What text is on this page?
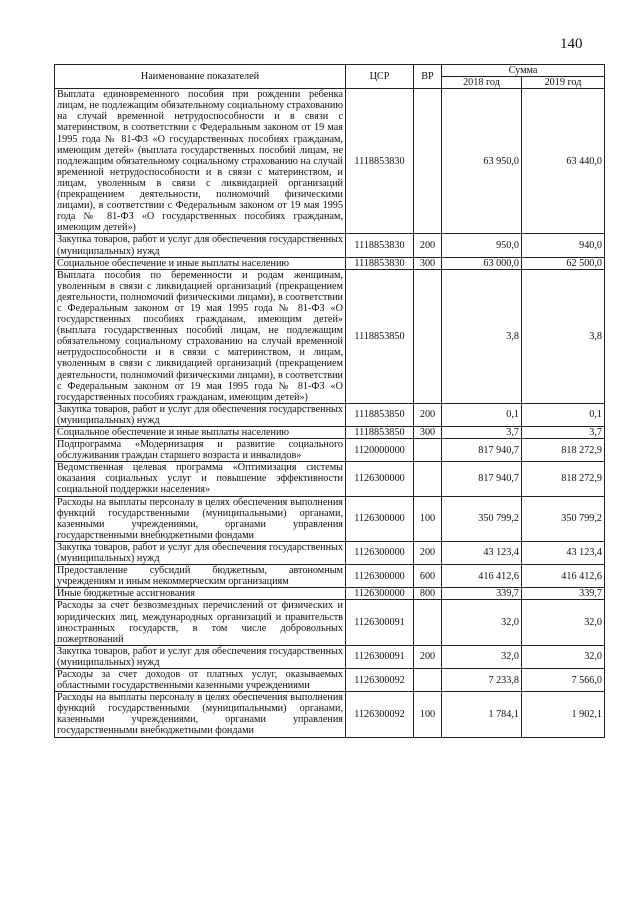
140
Наименование показателей	ЦСР	ВР	Сумма	
			2018 год	2019 год
Выплата единовременного пособия при рождении ребенка лицам, не подлежащим обязательному социальному страхованию на случай временной нетрудоспособности и в связи с материнством, в соответствии с Федеральным законом от 19 мая 1995 года № 81-ФЗ «О государственных пособиях гражданам, имеющим детей» (выплата государственных пособий лицам, не подлежащим обязательному социальному страхованию на случай временной нетрудоспособности и в связи с материнством, и лицам, уволенным в связи с ликвидацией организаций (прекращением деятельности, полномочий физическими лицами), в соответствии с Федеральным законом от 19 мая 1995 года № 81-ФЗ «О государственных пособиях гражданам, имеющим детей»)	1118853830		63 950,0	63 440,0
Закупка товаров, работ и услуг для обеспечения государственных (муниципальных) нужд	1118853830	200	950,0	940,0
Социальное обеспечение и иные выплаты населению	1118853830	300	63 000,0	62 500,0
Выплата пособия по беременности и родам женщинам, уволенным в связи с ликвидацией организаций (прекращением деятельности, полномочий физическими лицами), в соответствии с Федеральным законом от 19 мая 1995 года № 81-ФЗ «О государственных пособиях гражданам, имеющим детей» (выплата государственных пособий лицам, не подлежащим обязательному социальному страхованию на случай временной нетрудоспособности и в связи с материнством, и лицам, уволенным в связи с ликвидацией организаций (прекращением деятельности, полномочий физическими лицами), в соответствии с Федеральным законом от 19 мая 1995 года № 81-ФЗ «О государственных пособиях гражданам, имеющим детей»)	1118853850		3,8	3,8
Закупка товаров, работ и услуг для обеспечения государственных (муниципальных) нужд	1118853850	200	0,1	0,1
Социальное обеспечение и иные выплаты населению	1118853850	300	3,7	3,7
Подпрограмма «Модернизация и развитие социального обслуживания граждан старшего возраста и инвалидов»	1120000000		817 940,7	818 272,9
Ведомственная целевая программа «Оптимизация системы оказания социальных услуг и повышение эффективности социальной поддержки населения»	1126300000		817 940,7	818 272,9
Расходы на выплаты персоналу в целях обеспечения выполнения функций государственными (муниципальными) органами, казенными учреждениями, органами управления государственными внебюджетными фондами	1126300000	100	350 799,2	350 799,2
Закупка товаров, работ и услуг для обеспечения государственных (муниципальных) нужд	1126300000	200	43 123,4	43 123,4
Предоставление субсидий бюджетным, автономным учреждениям и иным некоммерческим организациям	1126300000	600	416 412,6	416 412,6
Иные бюджетные ассигнования	1126300000	800	339,7	339,7
Расходы за счет безвозмездных перечислений от физических и юридических лиц, международных организаций и правительств иностранных государств, в том числе добровольных пожертвований	1126300091		32,0	32,0
Закупка товаров, работ и услуг для обеспечения государственных (муниципальных) нужд	1126300091	200	32,0	32,0
Расходы за счет доходов от платных услуг, оказываемых областными государственными казенными учреждениями	1126300092		7 233,8	7 566,0
Расходы на выплаты персоналу в целях обеспечения выполнения функций государственными (муниципальными) органами, казенными учреждениями, органами управления государственными внебюджетными фондами	1126300092	100	1 784,1	1 902,1
